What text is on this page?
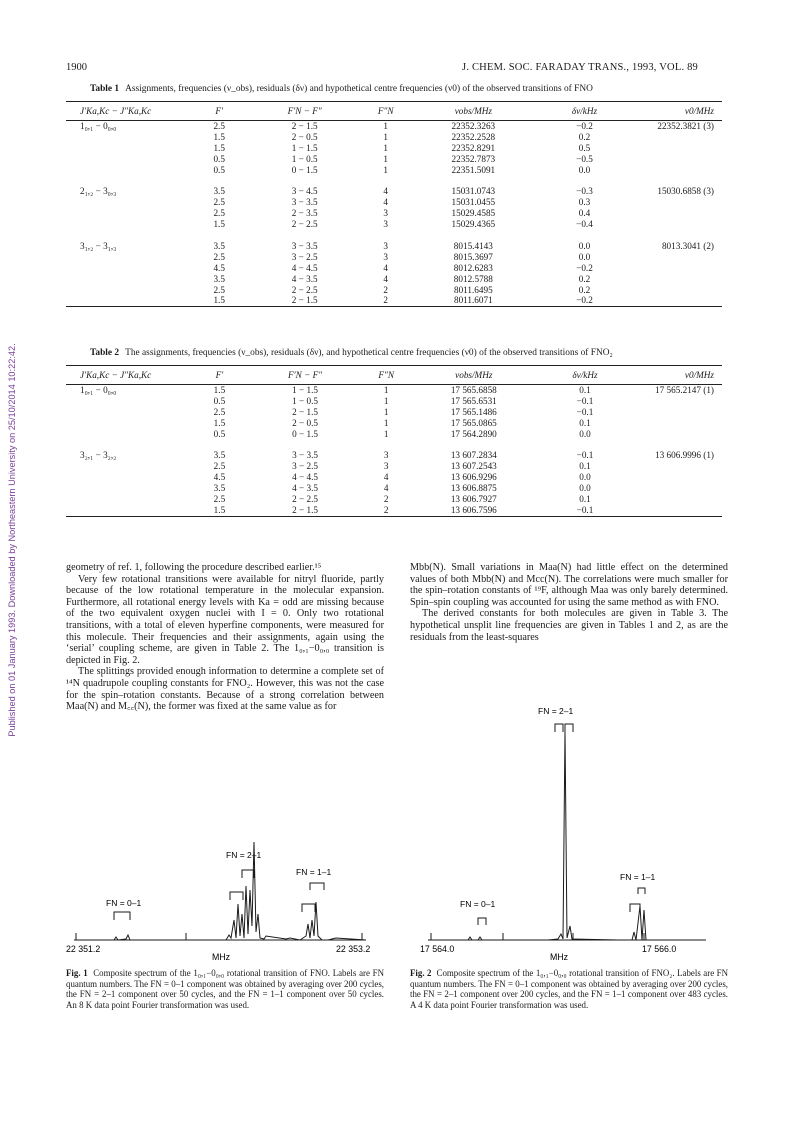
Published on 01 January 1993. Downloaded by Northeastern University on 25/10/2014 10:22:42.
1900	J. CHEM. SOC. FARADAY TRANS., 1993, VOL. 89
Table 1 Assignments, frequencies (ν_obs), residuals (δν) and hypothetical centre frequencies (ν0) of the observed transitions of FNO
J′Ka,Kc − J″Ka,Kc	F′	F′N − F″	F″N	νobs/MHz	δν/kHz	ν0/MHz
1₀,₁ − 0₀,₀	2.5	2 − 1.5	1	22352.3263	−0.2	22352.3821 (3)
	1.5	2 − 0.5	1	22352.2528	0.2	
	1.5	1 − 1.5	1	22352.8291	0.5	
	0.5	1 − 0.5	1	22352.7873	−0.5	
	0.5	0 − 1.5	1	22351.5091	0.0	

2₁,₂ − 3₀,₃	3.5	3 − 4.5	4	15031.0743	−0.3	15030.6858 (3)
	2.5	3 − 3.5	4	15031.0455	0.3	
	2.5	2 − 3.5	3	15029.4585	0.4	
	1.5	2 − 2.5	3	15029.4365	−0.4	

3₁,₂ − 3₁,₃	3.5	3 − 3.5	3	8015.4143	0.0	8013.3041 (2)
	2.5	3 − 2.5	3	8015.3697	0.0	
	4.5	4 − 4.5	4	8012.6283	−0.2	
	3.5	4 − 3.5	4	8012.5788	0.2	
	2.5	2 − 2.5	2	8011.6495	0.2	
	1.5	2 − 1.5	2	8011.6071	−0.2	
Table 2 The assignments, frequencies (ν_obs), residuals (δν), and hypothetical centre frequencies (ν0) of the observed transitions of FNO₂
J′Ka,Kc − J″Ka,Kc	F′	F′N − F″	F″N	νobs/MHz	δν/kHz	ν0/MHz
1₀,₁ − 0₀,₀	1.5	1 − 1.5	1	17 565.6858	0.1	17 565.2147 (1)
	0.5	1 − 0.5	1	17 565.6531	−0.1	
	2.5	2 − 1.5	1	17 565.1486	−0.1	
	1.5	2 − 0.5	1	17 565.0865	0.1	
	0.5	0 − 1.5	1	17 564.2890	0.0	

3₂,₁ − 3₂,₂	3.5	3 − 3.5	3	13 607.2834	−0.1	13 606.9996 (1)
	2.5	3 − 2.5	3	13 607.2543	0.1	
	4.5	4 − 4.5	4	13 606.9296	0.0	
	3.5	4 − 3.5	4	13 606.8875	0.0	
	2.5	2 − 2.5	2	13 606.7927	0.1	
	1.5	2 − 1.5	2	13 606.7596	−0.1	

geometry of ref. 1, following the procedure described earlier.¹⁵

Very few rotational transitions were available for nitryl fluoride, partly because of the low rotational temperature in the molecular expansion. Furthermore, all rotational energy levels with Ka = odd are missing because of the two equivalent oxygen nuclei with I = 0. Only two rotational transitions, with a total of eleven hyperfine components, were measured for this molecule. Their frequencies and their assignments, again using the ‘serial’ coupling scheme, are given in Table 2. The 1₀,₁−0₀,₀ transition is depicted in Fig. 2.

The splittings provided enough information to determine a complete set of ¹⁴N quadrupole coupling constants for FNO₂. However, this was not the case for the spin–rotation constants. Because of a strong correlation between Maa(N) and M꜀꜀(N), the former was fixed at the same value as for

Mbb(N). Small variations in Maa(N) had little effect on the determined values of both Mbb(N) and Mcc(N). The correlations were much smaller for the spin–rotation constants of ¹⁹F, although Maa was only barely determined. Spin–spin coupling was accounted for using the same method as with FNO.

The derived constants for both molecules are given in Table 3. The hypothetical unsplit line frequencies are given in Tables 1 and 2, as are the residuals from the least-squares

FN = 2–1
FN = 1–1
FN = 0–1
22 351.2	22 353.2
MHz
Fig. 1 Composite spectrum of the 1₀,₁−0₀,₀ rotational transition of FNO. Labels are FN quantum numbers. The FN = 0–1 component was obtained by averaging over 200 cycles, the FN = 2–1 component over 50 cycles, and the FN = 1–1 component over 50 cycles. An 8 K data point Fourier transformation was used.
FN = 2–1
FN = 1–1
FN = 0–1
17 564.0	17 566.0
MHz
Fig. 2 Composite spectrum of the 1₀,₁−0₀,₀ rotational transition of FNO₂. Labels are FN quantum numbers. The FN = 0–1 component was obtained by averaging over 200 cycles, the FN = 2–1 component over 200 cycles, and the FN = 1–1 component over 483 cycles. A 4 K data point Fourier transformation was used.
